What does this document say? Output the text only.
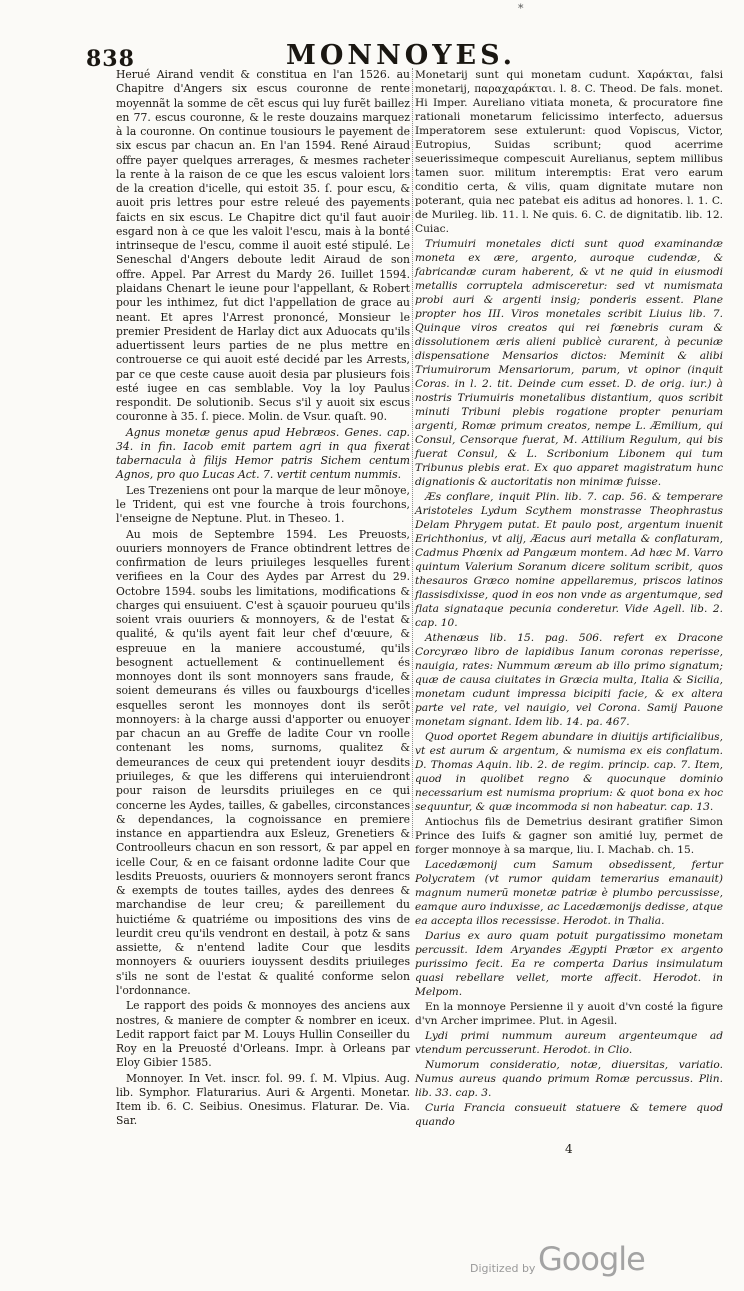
*
838	MONNOYES.

Herué Airand vendit & constitua en l'an 1526. au Chapitre d'Angers six escus couronne de rente moyennãt la somme de cẽt escus qui luy furẽt baillez en 77. escus couronne, & le reste douzains marquez à la couronne. On continue tousiours le payement de six escus par chacun an. En l'an 1594. René Airaud offre payer quelques arrerages, & mesmes racheter la rente à la raison de ce que les escus valoient lors de la creation d'icelle, qui estoit 35. ſ. pour escu, & auoit pris lettres pour estre releué des payements faicts en six escus. Le Chapitre dict qu'il faut auoir esgard non à ce que les valoit l'escu, mais à la bonté intrinseque de l'escu, comme il auoit esté stipulé. Le Seneschal d'Angers deboute ledit Airaud de son offre. Appel. Par Arrest du Mardy 26. Iuillet 1594. plaidans Chenart le ieune pour l'appellant, & Robert pour les inthimez, fut dict l'appellation de grace au neant. Et apres l'Arrest prononcé, Monsieur le premier President de Harlay dict aux Aduocats qu'ils aduertissent leurs parties de ne plus mettre en controuerse ce qui auoit esté decidé par les Arrests, par ce que ceste cause auoit desia par plusieurs fois esté iugee en cas semblable. Voy la loy Paulus respondit. De solutionib. Secus s'il y auoit six escus couronne à 35. ſ. piece. Molin. de Vsur. quaſt. 90.

Agnus monetæ genus apud Hebræos. Genes. cap. 34. in fin. Iacob emit partem agri in qua fixerat tabernacula à filijs Hemor patris Sichem centum Agnos, pro quo Lucas Act. 7. vertit centum nummis.

Les Trezeniens ont pour la marque de leur mõnoye, le Trident, qui est vne fourche à trois fourchons, l'enseigne de Neptune. Plut. in Theseo. 1.

Au mois de Septembre 1594. Les Preuosts, ouuriers monnoyers de France obtindrent lettres de confirmation de leurs priuileges lesquelles furent verifiees en la Cour des Aydes par Arrest du 29. Octobre 1594. soubs les limitations, modifications & charges qui ensuiuent. C'est à sçauoir pourueu qu'ils soient vrais ouuriers & monnoyers, & de l'estat & qualité, & qu'ils ayent fait leur chef d'œuure, & espreuue en la maniere accoustumé, qu'ils besognent actuellement & continuellement és monnoyes dont ils sont monnoyers sans fraude, & soient demeurans és villes ou fauxbourgs d'icelles esquelles seront les monnoyes dont ils serõt monnoyers: à la charge aussi d'apporter ou enuoyer par chacun an au Greffe de ladite Cour vn roolle contenant les noms, surnoms, qualitez & demeurances de ceux qui pretendent iouyr desdits priuileges, & que les differens qui interuiendront pour raison de leursdits priuileges en ce qui concerne les Aydes, tailles, & gabelles, circonstances & dependances, la cognoissance en premiere instance en appartiendra aux Esleuz, Grenetiers & Controolleurs chacun en son ressort, & par appel en icelle Cour, & en ce faisant ordonne ladite Cour que lesdits Preuosts, ouuriers & monnoyers seront francs & exempts de toutes tailles, aydes des denrees & marchandise de leur creu; & pareillement du huictiéme & quatriéme ou impositions des vins de leurdit creu qu'ils vendront en destail, à potz & sans assiette, & n'entend ladite Cour que lesdits monnoyers & ouuriers iouyssent desdits priuileges s'ils ne sont de l'estat & qualité conforme selon l'ordonnance.

Le rapport des poids & monnoyes des anciens aux nostres, & maniere de compter & nombrer en iceux. Ledit rapport faict par M. Louys Hullin Conseiller du Roy en la Preuosté d'Orleans. Impr. à Orleans par Eloy Gibier 1585.

Monnoyer. In Vet. inscr. fol. 99. ſ. M. Vlpius. Aug. lib. Symphor. Flaturarius. Auri & Argenti. Monetar. Item ib. 6. C. Seibius. Onesimus. Flaturar. De. Via. Sar.

Monetarij sunt qui monetam cudunt. Χαράκται, falsi monetarij, παραχαράκται. l. 8. C. Theod. De fals. monet. Hi Imper. Aureliano vitiata moneta, & procuratore fine rationali monetarum felicissimo interfecto, aduersus Imperatorem sese extulerunt: quod Vopiscus, Victor, Eutropius, Suidas scribunt; quod acerrime seuerissimeque compescuit Aurelianus, septem millibus tamen suor. militum interemptis: Erat vero earum conditio certa, & vilis, quam dignitate mutare non poterant, quia nec patebat eis aditus ad honores. l. 1. C. de Murileg. lib. 11. l. Ne quis. 6. C. de dignitatib. lib. 12. Cuiac.

Triumuiri monetales dicti sunt quod examinandæ moneta ex ære, argento, auroque cudendæ, & fabricandæ curam haberent, & vt ne quid in eiusmodi metallis corruptela admisceretur: sed vt numismata probi auri & argenti insig; ponderis essent. Plane propter hos III. Viros monetales scribit Liuius lib. 7. Quinque viros creatos qui rei fœnebris curam & dissolutionem æris alieni publicè curarent, à pecuniæ dispensatione Mensarios dictos: Meminit & alibi Triumuirorum Mensariorum, parum, vt opinor (inquit Coras. in l. 2. tit. Deinde cum esset. D. de orig. iur.) à nostris Triumuiris monetalibus distantium, quos scribit minuti Tribuni plebis rogatione propter penuriam argenti, Romæ primum creatos, nempe L. Æmilium, qui Consul, Censorque fuerat, M. Attilium Regulum, qui bis fuerat Consul, & L. Scribonium Libonem qui tum Tribunus plebis erat. Ex quo apparet magistratum hunc dignationis & auctoritatis non minimæ fuisse.

Æs conflare, inquit Plin. lib. 7. cap. 56. & temperare Aristoteles Lydum Scythem monstrasse Theophrastus Delam Phrygem putat. Et paulo post, argentum inuenit Erichthonius, vt alij, Æacus auri metalla & conflaturam, Cadmus Phœnix ad Pangæum montem. Ad hæc M. Varro quintum Valerium Soranum dicere solitum scribit, quos thesauros Græco nomine appellaremus, priscos latinos flassisdixisse, quod in eos non vnde as argentumque, sed flata signataque pecunia conderetur. Vide Agell. lib. 2. cap. 10.

Athenæus lib. 15. pag. 506. refert ex Dracone Corcyræo libro de lapidibus Ianum coronas reperisse, nauigia, rates: Nummum æreum ab illo primo signatum; quæ de causa ciuitates in Græcia multa, Italia & Sicilia, monetam cudunt impressa bicipiti facie, & ex altera parte vel rate, vel nauigio, vel Corona. Samij Pauone monetam signant. Idem lib. 14. pa. 467.

Quod oportet Regem abundare in diuitijs artificialibus, vt est aurum & argentum, & numisma ex eis conflatum. D. Thomas Aquin. lib. 2. de regim. princip. cap. 7. Item, quod in quolibet regno & quocunque dominio necessarium est numisma proprium: & quot bona ex hoc sequuntur, & quæ incommoda si non habeatur. cap. 13.

Antiochus fils de Demetrius desirant gratifier Simon Prince des Iuifs & gagner son amitié luy, permet de forger monnoye à sa marque, liu. I. Machab. ch. 15.

Lacedæmonij cum Samum obsedissent, fertur Polycratem (vt rumor quidam temerarius emanauit) magnum numerũ monetæ patriæ è plumbo percussisse, eamque auro induxisse, ac Lacedæmonijs dedisse, atque ea accepta illos recessisse. Herodot. in Thalia.

Darius ex auro quam potuit purgatissimo monetam percussit. Idem Aryandes Ægypti Prætor ex argento purissimo fecit. Ea re comperta Darius insimulatum quasi rebellare vellet, morte affecit. Herodot. in Melpom.

En la monnoye Persienne il y auoit d'vn costé la figure d'vn Archer imprimee. Plut. in Agesil.

Lydi primi nummum aureum argenteumque ad vtendum percusserunt. Herodot. in Clio.

Numorum consideratio, notæ, diuersitas, variatio. Numus aureus quando primum Romæ percussus. Plin. lib. 33. cap. 3.

Curia Francia consueuit statuere & temere quod quando

4
Digitized by Google
